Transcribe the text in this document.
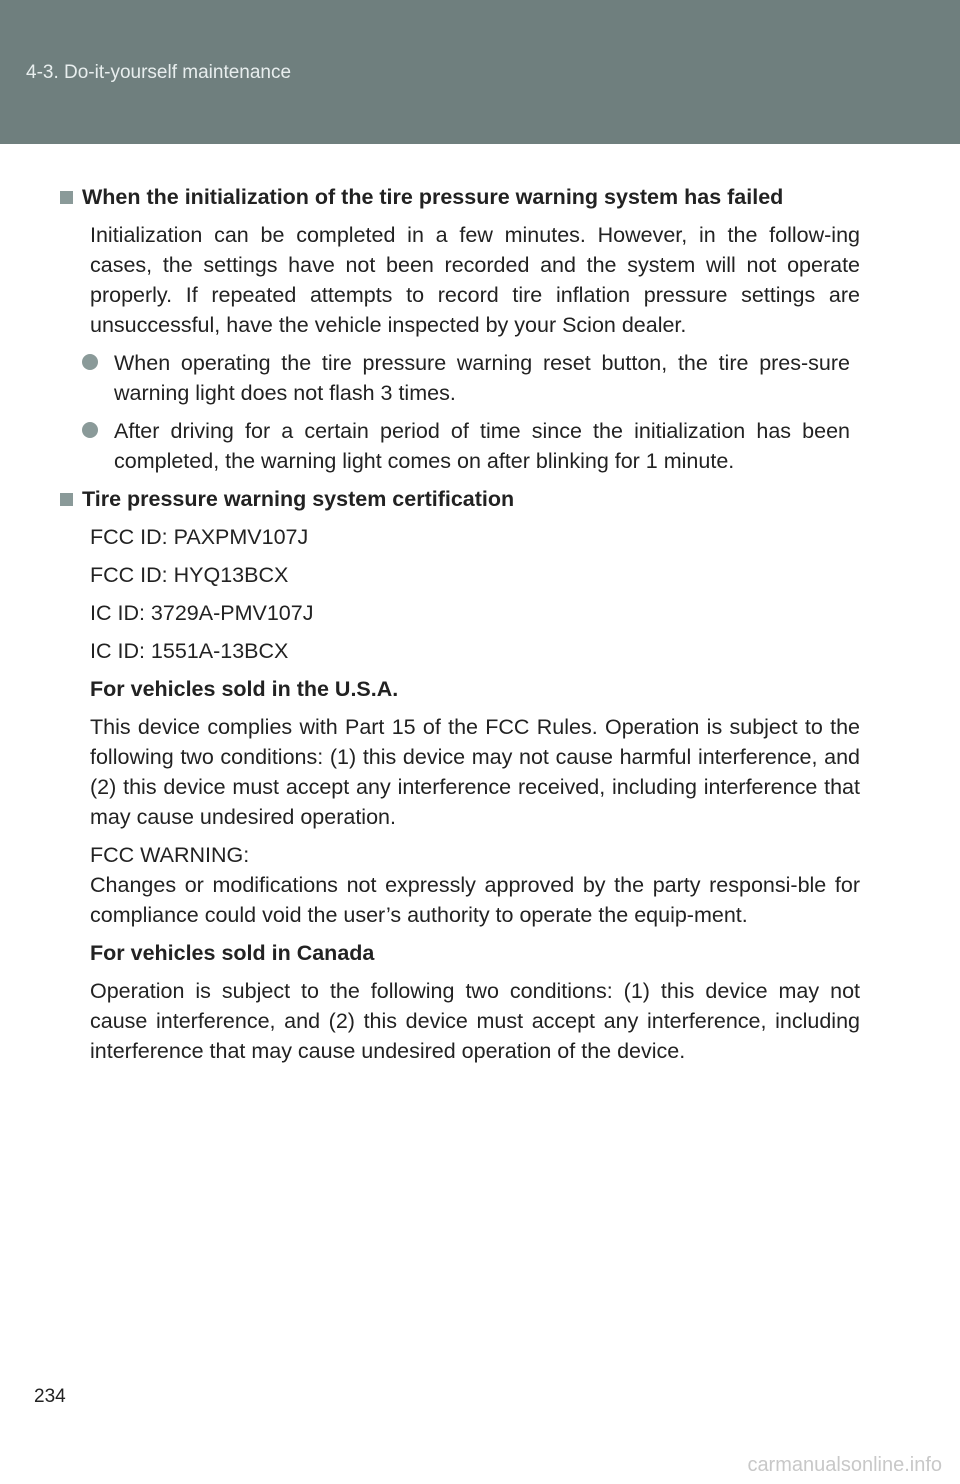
4-3. Do-it-yourself maintenance
When the initialization of the tire pressure warning system has failed

Initialization can be completed in a few minutes. However, in the follow-ing cases, the settings have not been recorded and the system will not operate properly. If repeated attempts to record tire inflation pressure settings are unsuccessful, have the vehicle inspected by your Scion dealer.

When operating the tire pressure warning reset button, the tire pres-sure warning light does not flash 3 times.
After driving for a certain period of time since the initialization has been completed, the warning light comes on after blinking for 1 minute.
Tire pressure warning system certification

FCC ID: PAXPMV107J

FCC ID: HYQ13BCX

IC ID: 3729A-PMV107J

IC ID: 1551A-13BCX

For vehicles sold in the U.S.A.

This device complies with Part 15 of the FCC Rules. Operation is subject to the following two conditions: (1) this device may not cause harmful interference, and (2) this device must accept any interference received, including interference that may cause undesired operation.

FCC WARNING:
Changes or modifications not expressly approved by the party responsi-ble for compliance could void the user’s authority to operate the equip-ment.

For vehicles sold in Canada

Operation is subject to the following two conditions: (1) this device may not cause interference, and (2) this device must accept any interference, including interference that may cause undesired operation of the device.

234
carmanualsonline.info
